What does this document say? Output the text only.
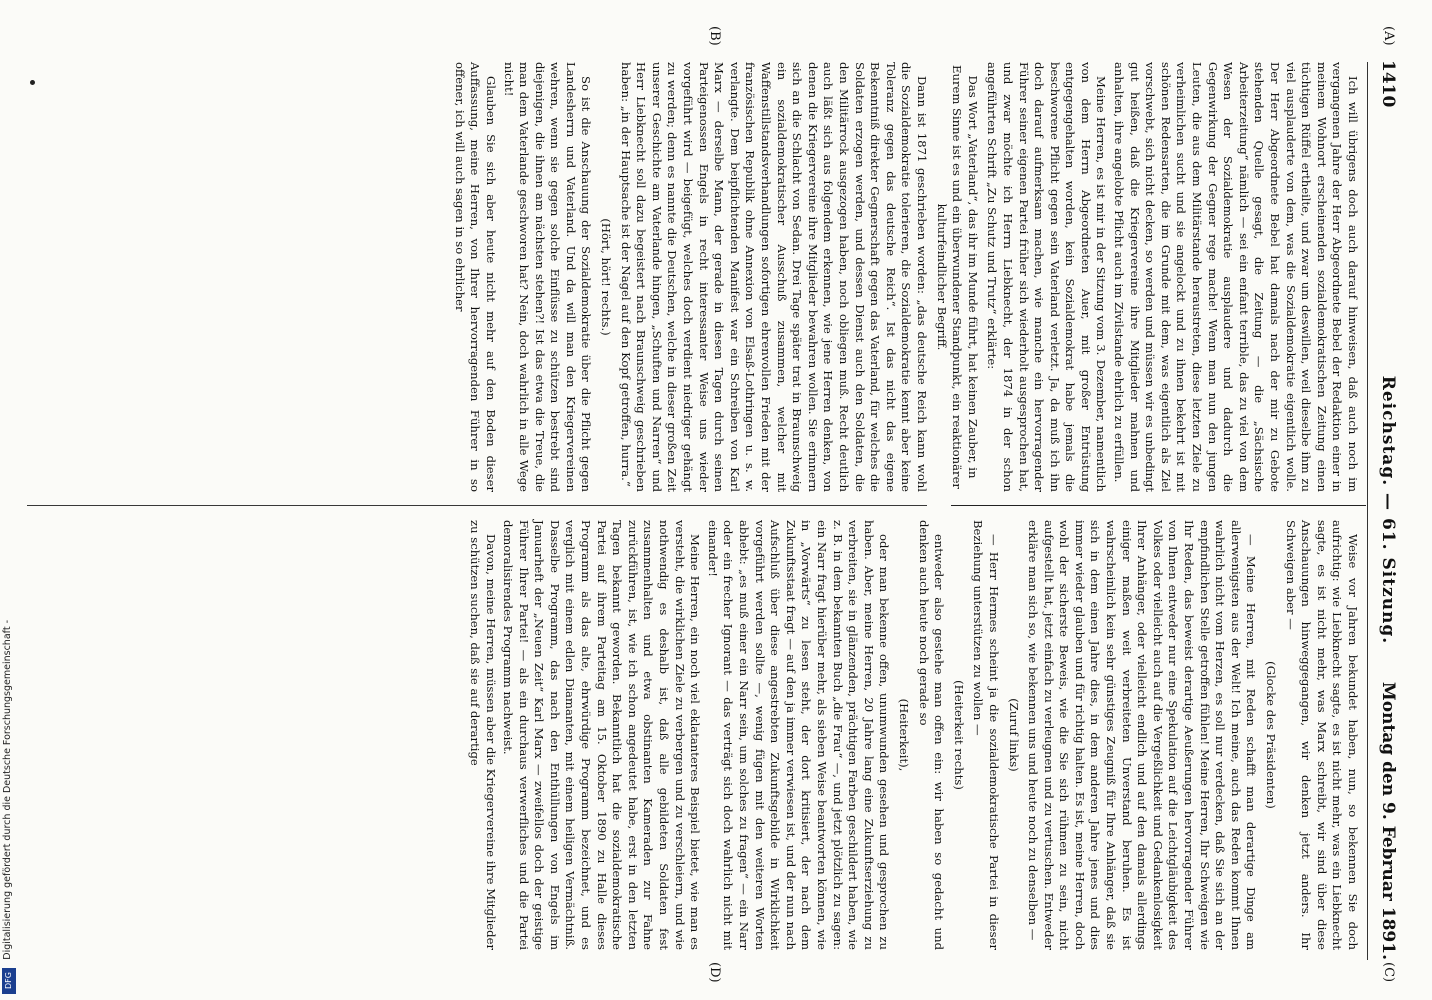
1410
Reichstag. — 61. Sitzung.
Montag den 9. Februar 1891.
(A)
(B)
(C)
(D)

Ich will übrigens doch auch darauf hinweisen, daß auch noch im vergangenen Jahre der Herr Abgeordnete Bebel der Redaktion einer in meinem Wohnort erscheinenden sozialdemokratischen Zeitung einen tüchtigen Rüffel ertheilte, und zwar um deswillen, weil dieselbe ihm zu viel ausplauderte von dem, was die Sozialdemokratie eigentlich wolle. Der Herr Abgeordnete Bebel hat damals nach der mir zu Gebote stehenden Quelle gesagt, die Zeitung — die „Sächsische Arbeiterzeitung“ nämlich — sei ein enfant terrible, das zu viel von dem Wesen der Sozialdemokratie ausplaudere und dadurch die Gegenwirkung der Gegner rege mache! Wenn man nun den jungen Leuten, die aus dem Militärstande heraustreten, diese letzten Ziele zu verheimlichen sucht und sie angelockt und zu ihnen bekehrt ist mit schönen Redensarten, die im Grunde mit dem, was eigentlich als Ziel vorschwebt, sich nicht decken, so werden und müssen wir es unbedingt gut heißen, daß die Kriegervereine ihre Mitglieder mahnen und anhalten, ihre angelobte Pflicht auch im Zivilstande ehrlich zu erfüllen.

Meine Herren, es ist mir in der Sitzung vom 3. Dezember, namentlich von dem Herrn Abgeordneten Auer, mit großer Entrüstung entgegengehalten worden, kein Sozialdemokrat habe jemals die beschworene Pflicht gegen sein Vaterland verletzt. Ja, da muß ich ihn doch darauf aufmerksam machen, wie manche ein hervorragender Führer seiner eigenen Partei früher sich wiederholt ausgesprochen hat, und zwar möchte ich Herrn Liebknecht, der 1874 in der schon angeführten Schrift „Zu Schutz und Trutz“ erklärte:

Das Wort „Vaterland“, das ihr im Munde führt, hat keinen Zauber, in Eurem Sinne ist es und ein überwundener Standpunkt, ein reaktionärer kulturfeindlicher Begriff.

Dann ist 1871 geschrieben worden: „das deutsche Reich kann wohl die Sozialdemokratie tolerieren, die Sozialdemokratie kennt aber keine Toleranz gegen das deutsche Reich“. Ist das nicht das eigene Bekenntniß direkter Gegnerschaft gegen das Vaterland, für welches die Soldaten erzogen werden, und dessen Dienst auch den Soldaten, die den Militärrock ausgezogen haben, noch obliegen muß. Recht deutlich auch läßt sich aus folgendem erkennen, wie jene Herren denken, von denen die Kriegervereine ihre Mitglieder bewahren wollen. Sie erinnern sich an die Schlacht von Sedan. Drei Tage später trat in Braunschweig ein sozialdemokratischer Ausschuß zusammen, welcher mit Waffenstillstandsverhandlungen sofortigen ehrenvollen Frieden mit der französischen Republik ohne Annexion von Elsaß-Lothringen u. s. w. verlangte. Dem beipflichtenden Manifest war ein Schreiben von Karl Marx — derselbe Mann, der gerade in diesen Tagen durch seinen Parteigenossen Engels in recht interessanter Weise uns wieder vorgeführt wird — beigefügt, welches doch verdient niedriger gehängt zu werden; denn es nannte die Deutschen, welche in dieser großen Zeit unserer Geschichte am Vaterlande hingen, „Schuften und Narren“ und Herr Liebknecht soll dazu begeistert nach Braunschweig geschrieben haben: „in der Hauptsache ist der Nagel auf den Kopf getroffen, hurra.“

(Hört, hört! rechts.)

So ist die Anschauung der Sozialdemokratie über die Pflicht gegen Landesherrn und Vaterland. Und da will man den Kriegervereinen wehren, wenn sie gegen solche Einflüsse zu schützen bestrebt sind diejenigen, die ihnen am nächsten stehen?! Ist das etwa die Treue, die man dem Vaterlande geschworen hat? Nein, doch wahrlich in alle Wege nicht!

Glauben Sie sich aber heute nicht mehr auf den Boden dieser Auffassung, meine Herren, von Ihrer hervorragenden Führer in so offener, ich will auch sagen in so ehrlicher

Weise vor Jahren bekundet haben, nun, so bekennen Sie doch aufrichtig: wie Liebknecht sagte, es ist nicht mehr, was ein Liebknecht sagte, es ist nicht mehr, was Marx schreibt, wir sind über diese Anschauungen hinweggegangen, wir denken jetzt anders. Ihr Schweigen aber —

(Glocke des Präsidenten)

— Meine Herren, mit Reden schafft man derartige Dinge am allerwenigsten aus der Welt! Ich meine, auch das Reden kommt Ihnen wahrlich nicht vom Herzen, es soll nur verdecken, daß Sie sich an der empfindlichen Stelle getroffen fühlen! Meine Herren, Ihr Schweigen wie Ihr Reden, das beweist derartige Aeußerungen hervorragender Führer von Ihnen entweder nur eine Spekulation auf die Leichtgläubigkeit des Volkes oder vielleicht auch auf die Vergeßlichkeit und Gedankenlosigkeit Ihrer Anhänger, oder vielleicht endlich und auf den damals allerdings einiger maßen weit verbreiteten Unverstand beruhen. Es ist wahrscheinlich kein sehr günstiges Zeugniß für Ihre Anhänger, daß sie sich in dem einen Jahre dies, in dem anderen Jahre jenes und dies immer wieder glauben und für richtig halten. Es ist, meine Herren, doch wohl der sicherste Beweis, wie die Sie sich rühmen zu sein, nicht aufgestellt hat, jetzt einfach zu verleugnen und zu vertuschen. Entweder erkläre man sich so, wie bekennen uns und heute noch zu denselben —

(Zuruf links)

— Herr Hermes scheint ja die sozialdemokratische Partei in dieser Beziehung unterstützen zu wollen —

(Heiterkeit rechts)

entweder also gestehe man offen ein: wir haben so gedacht und denken auch heute noch gerade so

(Heiterkeit),

oder man bekenne offen, unumwunden gesehen und gesprochen zu haben. Aber, meine Herren, 20 Jahre lang eine Zukunftserziehung zu verbreiten, sie in glänzenden, prächtigen Farben geschildert haben, wie z. B. in dem bekannten Buch „die Frau“ —, und jetzt plötzlich zu sagen: ein Narr fragt hierüber mehr, als sieben Weise beantworten können, wie in „Vorwärts“ zu lesen steht, der dort kritisiert, der nach dem Zukunftsstaat fragt — auf den ja immer verwiesen ist, und der nun nach Aufschluß über diese angestrebten Zukunftsgebilde in Wirklichkeit vorgeführt werden sollte —, wenig fügen mit den weiteren Worten abhebt: „es muß einer ein Narr sein, um solches zu fragen“ — ein Narr oder ein frecher Ignorant — das verträgt sich doch wahrlich nicht mit einander!

Meine Herren, ein noch viel eklatanteres Beispiel bietet, wie man es versteht, die wirklichen Ziele zu verbergen und zu verschleiern, und wie nothwendig es deshalb ist, daß alle gebildeten Soldaten fest zusammenhalten und etwa obstinanten Kameraden zur Fahne zurückführen, ist, wie ich schon angedeutet habe, erst in den letzten Tagen bekannt geworden. Bekanntlich hat die sozialdemokratische Partei auf ihrem Parteitag am 15. Oktober 1890 zu Halle dieses Programm als das alte, ehrwürdige Programm bezeichnet, und es verglich mit einem edlen Diamanten, mit einem heiligen Vermächtniß. Dasselbe Programm, das nach den Enthüllungen von Engels im Januarheft der „Neuen Zeit“ Karl Marx — zweifellos doch der geistige Führer Ihrer Partei! — als ein durchaus verwerfliches und die Partei demoralisirendes Programm nachweist.

Davon, meine Herren, müssen aber die Kriegervereine ihre Mitglieder zu schützen suchen, daß sie auf derartige

Digitalisierung gefördert durch die Deutsche Forschungsgemeinschaft -
DFG
